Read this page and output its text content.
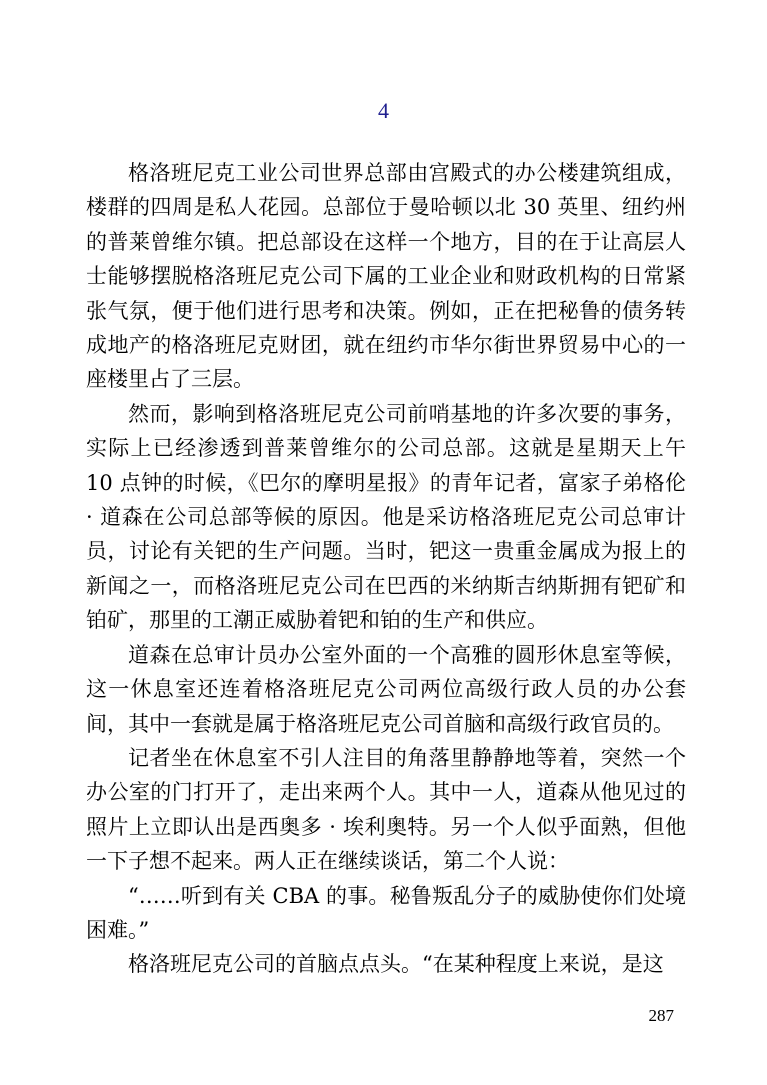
4

格洛班尼克工业公司世界总部由宫殿式的办公楼建筑组成，楼群的四周是私人花园。总部位于曼哈顿以北 30 英里、纽约州的普莱曾维尔镇。把总部设在这样一个地方，目的在于让高层人士能够摆脱格洛班尼克公司下属的工业企业和财政机构的日常紧张气氛，便于他们进行思考和决策。例如，正在把秘鲁的债务转成地产的格洛班尼克财团，就在纽约市华尔街世界贸易中心的一座楼里占了三层。

然而，影响到格洛班尼克公司前哨基地的许多次要的事务，实际上已经渗透到普莱曾维尔的公司总部。这就是星期天上午 10 点钟的时候，《巴尔的摩明星报》的青年记者，富家子弟格伦 · 道森在公司总部等候的原因。他是采访格洛班尼克公司总审计员，讨论有关钯的生产问题。当时，钯这一贵重金属成为报上的新闻之一，而格洛班尼克公司在巴西的米纳斯吉纳斯拥有钯矿和铂矿，那里的工潮正威胁着钯和铂的生产和供应。

道森在总审计员办公室外面的一个高雅的圆形休息室等候，这一休息室还连着格洛班尼克公司两位高级行政人员的办公套间，其中一套就是属于格洛班尼克公司首脑和高级行政官员的。

记者坐在休息室不引人注目的角落里静静地等着，突然一个办公室的门打开了，走出来两个人。其中一人，道森从他见过的照片上立即认出是西奥多 · 埃利奥特。另一个人似乎面熟，但他一下子想不起来。两人正在继续谈话，第二个人说：

“……听到有关 CBA 的事。秘鲁叛乱分子的威胁使你们处境困难。”

格洛班尼克公司的首脑点点头。“在某种程度上来说，是这

287
